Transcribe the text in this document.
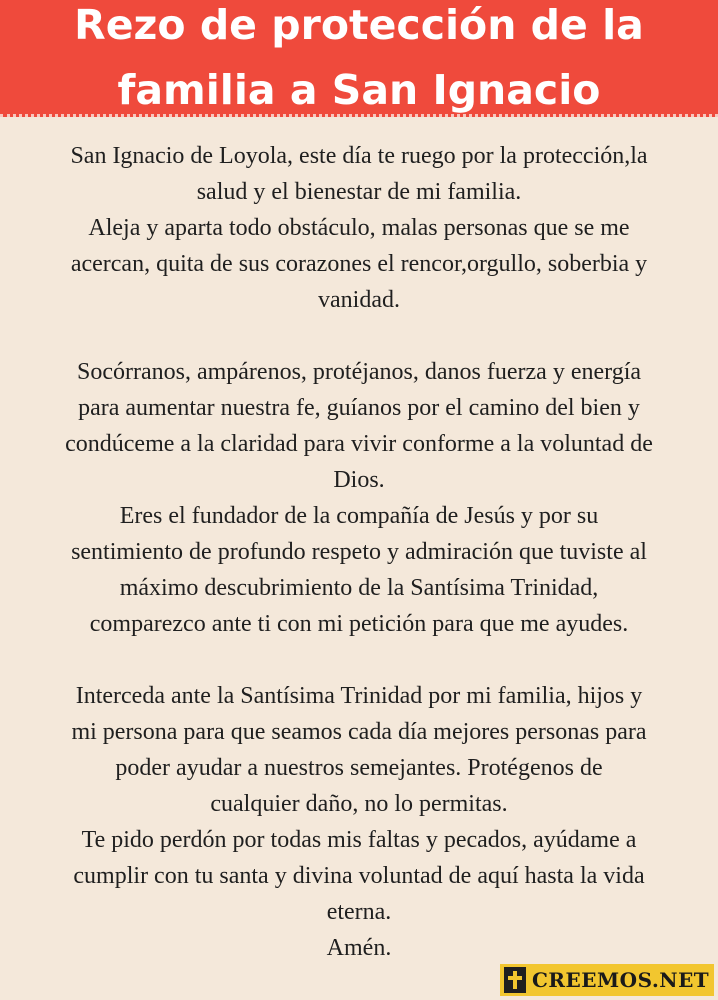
Rezo de protección de la
familia a San Ignacio

San Ignacio de Loyola, este día te ruego por la protección,la

salud y el bienestar de mi familia.

Aleja y aparta todo obstáculo, malas personas que se me

acercan, quita de sus corazones el rencor,orgullo, soberbia y

vanidad.

Socórranos, ampárenos, protéjanos, danos fuerza y energía

para aumentar nuestra fe, guíanos por el camino del bien y

condúceme a la claridad para vivir conforme a la voluntad de

Dios.

Eres el fundador de la compañía de Jesús y por su

sentimiento de profundo respeto y admiración que tuviste al

máximo descubrimiento de la Santísima Trinidad,

comparezco ante ti con mi petición para que me ayudes.

Interceda ante la Santísima Trinidad por mi familia, hijos y

mi persona para que seamos cada día mejores personas para

poder ayudar a nuestros semejantes. Protégenos de

cualquier daño, no lo permitas.

Te pido perdón por todas mis faltas y pecados, ayúdame a

cumplir con tu santa y divina voluntad de aquí hasta la vida

eterna.

Amén.

CREEMOS.NET
